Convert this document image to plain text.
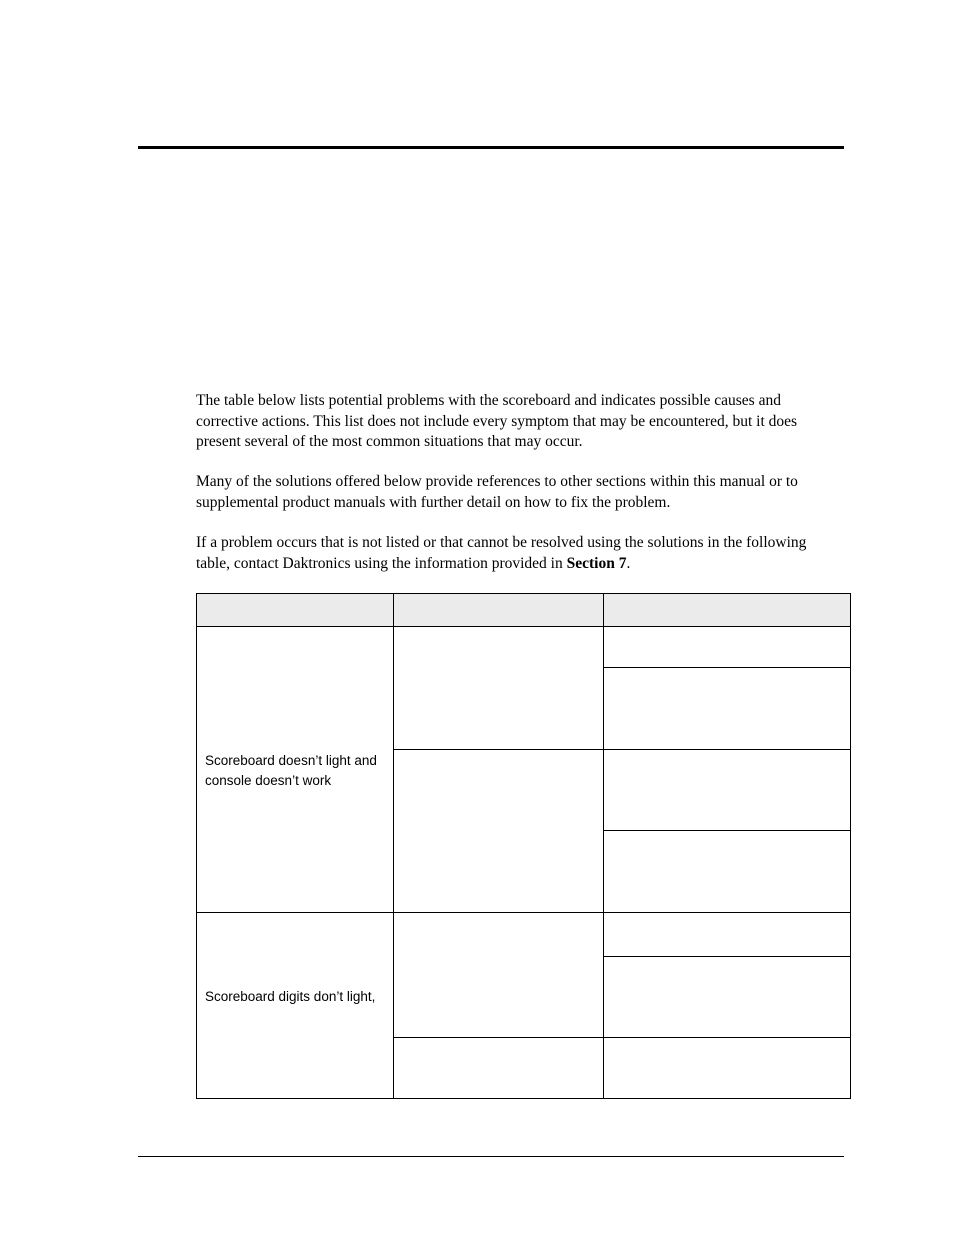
The table below lists potential problems with the scoreboard and indicates possible causes and corrective actions. This list does not include every symptom that may be encountered, but it does present several of the most common situations that may occur.

Many of the solutions offered below provide references to other sections within this manual or to supplemental product manuals with further detail on how to fix the problem.

If a problem occurs that is not listed or that cannot be resolved using the solutions in the following table, contact Daktronics using the information provided in Section 7.

Scoreboard doesn’t light and console doesn’t work

Scoreboard digits don’t light,
